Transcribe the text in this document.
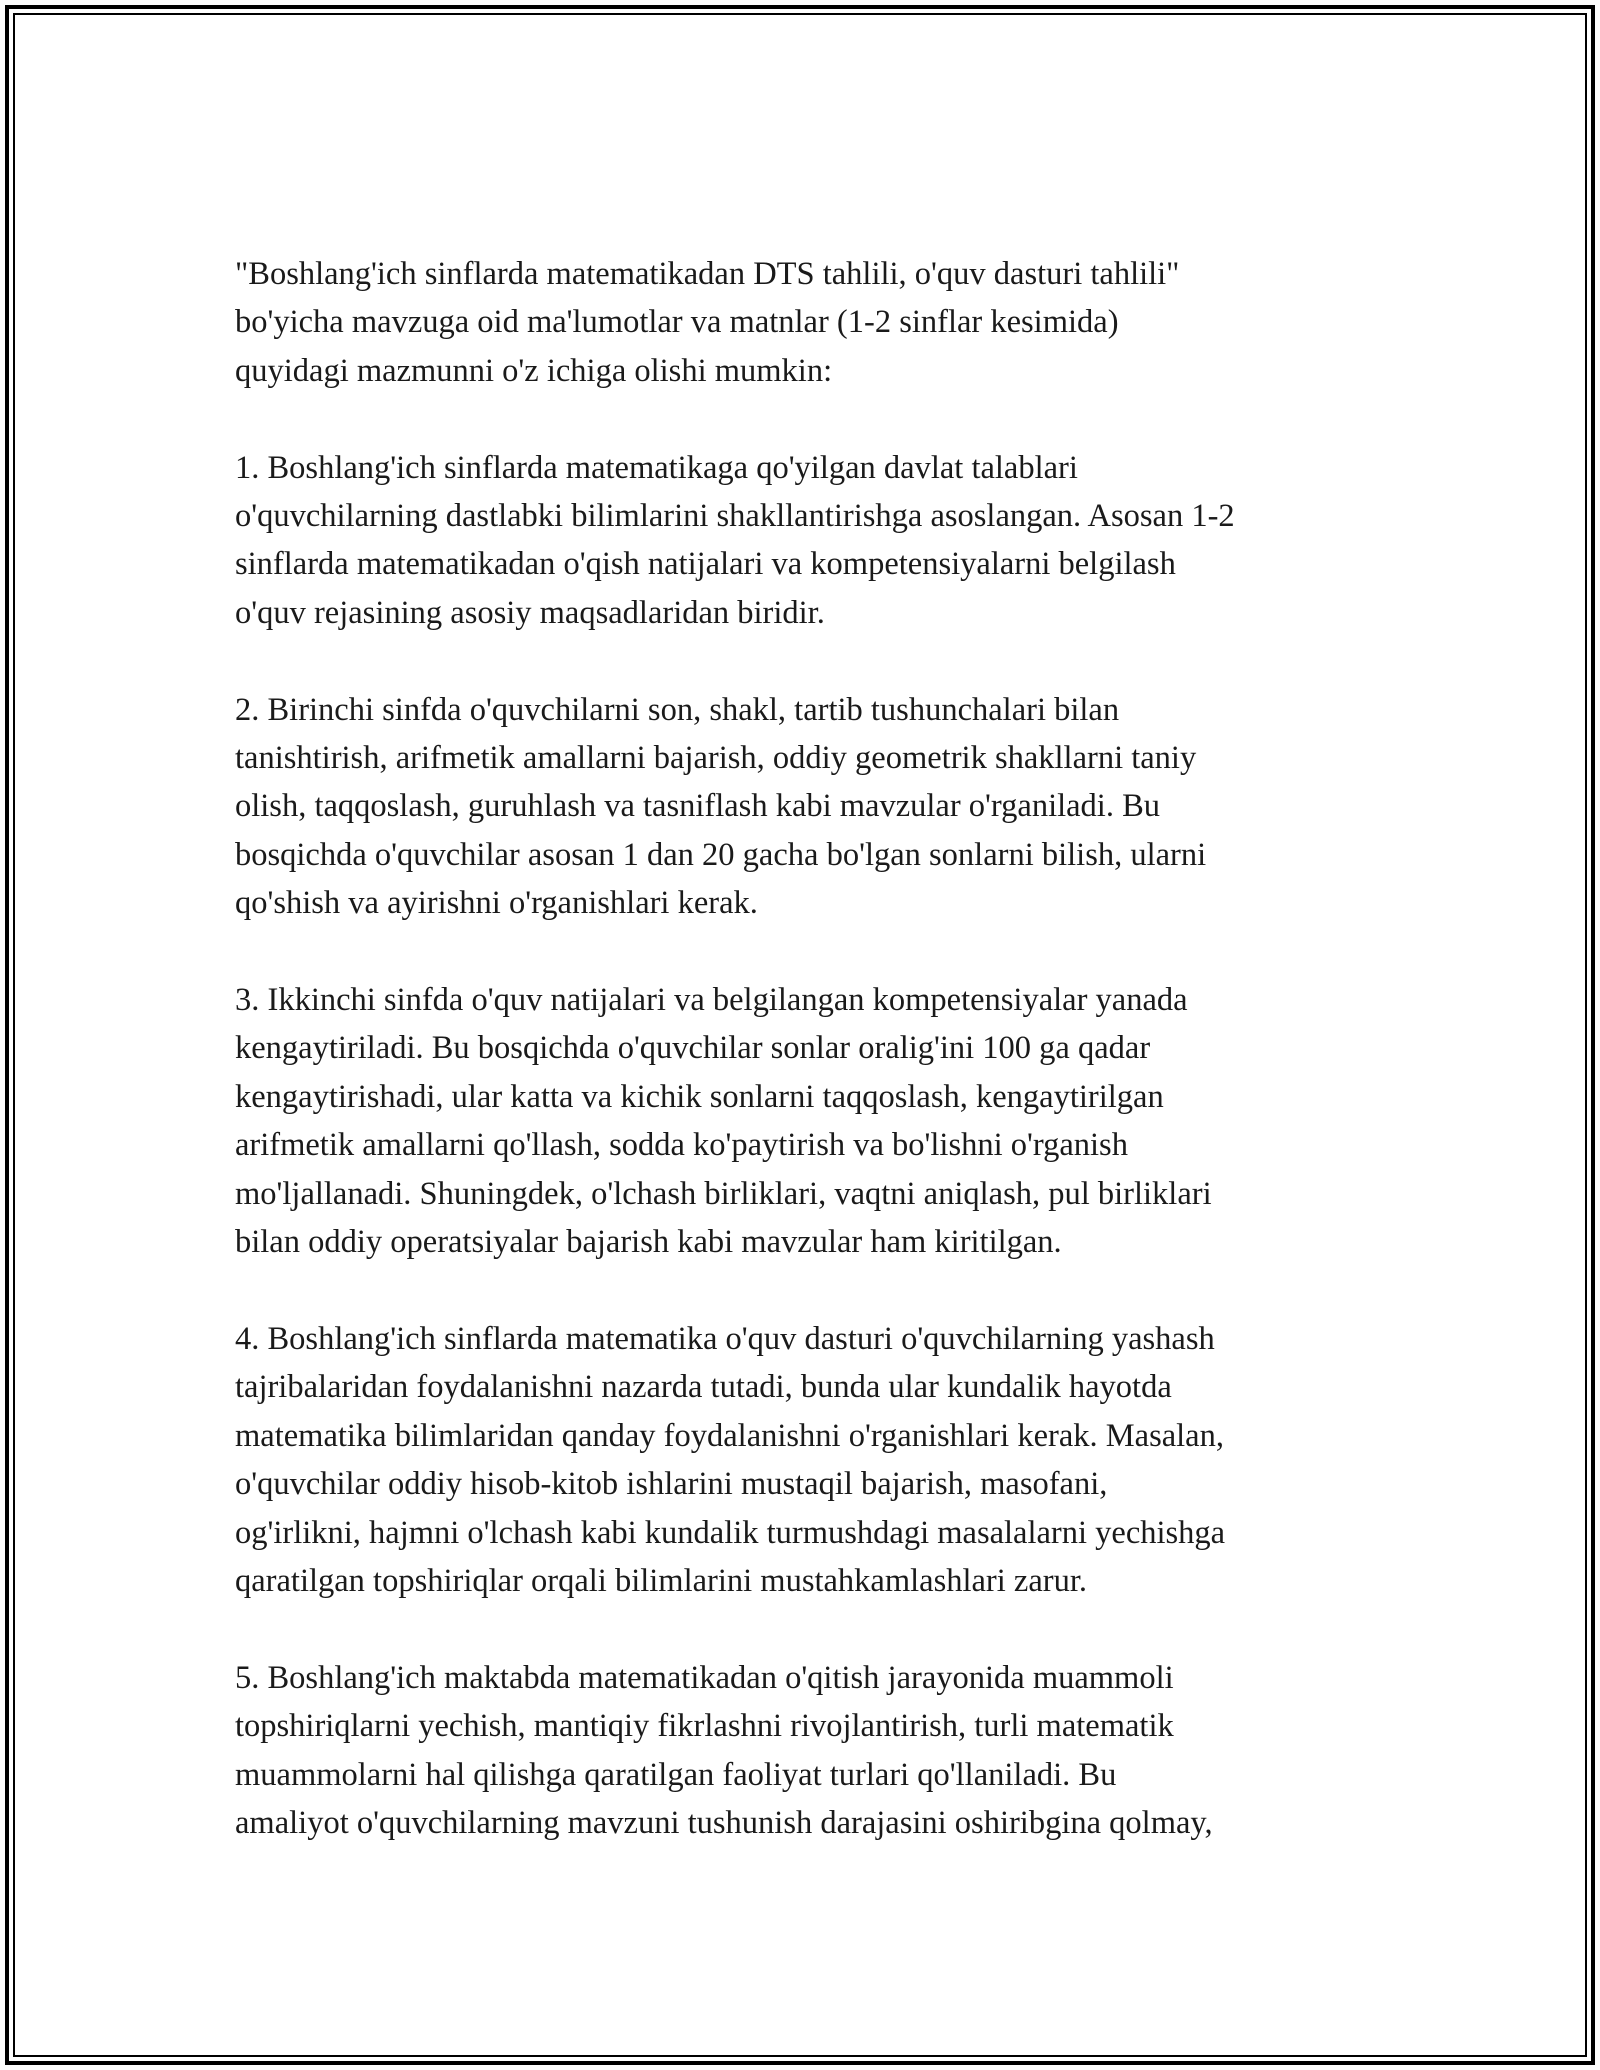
"Boshlang'ich sinflarda matematikadan DTS tahlili, o'quv dasturi tahlili"
bo'yicha mavzuga oid ma'lumotlar va matnlar (1-2 sinflar kesimida)
quyidagi mazmunni o'z ichiga olishi mumkin:
1. Boshlang'ich sinflarda matematikaga qo'yilgan davlat talablari
o'quvchilarning dastlabki bilimlarini shakllantirishga asoslangan. Asosan 1-2
sinflarda matematikadan o'qish natijalari va kompetensiyalarni belgilash
o'quv rejasining asosiy maqsadlaridan biridir.
2. Birinchi sinfda o'quvchilarni son, shakl, tartib tushunchalari bilan
tanishtirish, arifmetik amallarni bajarish, oddiy geometrik shakllarni taniy
olish, taqqoslash, guruhlash va tasniflash kabi mavzular o'rganiladi. Bu
bosqichda o'quvchilar asosan 1 dan 20 gacha bo'lgan sonlarni bilish, ularni
qo'shish va ayirishni o'rganishlari kerak.
3. Ikkinchi sinfda o'quv natijalari va belgilangan kompetensiyalar yanada
kengaytiriladi. Bu bosqichda o'quvchilar sonlar oralig'ini 100 ga qadar
kengaytirishadi, ular katta va kichik sonlarni taqqoslash, kengaytirilgan
arifmetik amallarni qo'llash, sodda ko'paytirish va bo'lishni o'rganish
mo'ljallanadi. Shuningdek, o'lchash birliklari, vaqtni aniqlash, pul birliklari
bilan oddiy operatsiyalar bajarish kabi mavzular ham kiritilgan.
4. Boshlang'ich sinflarda matematika o'quv dasturi o'quvchilarning yashash
tajribalaridan foydalanishni nazarda tutadi, bunda ular kundalik hayotda
matematika bilimlaridan qanday foydalanishni o'rganishlari kerak. Masalan,
o'quvchilar oddiy hisob-kitob ishlarini mustaqil bajarish, masofani,
og'irlikni, hajmni o'lchash kabi kundalik turmushdagi masalalarni yechishga
qaratilgan topshiriqlar orqali bilimlarini mustahkamlashlari zarur.
5. Boshlang'ich maktabda matematikadan o'qitish jarayonida muammoli
topshiriqlarni yechish, mantiqiy fikrlashni rivojlantirish, turli matematik
muammolarni hal qilishga qaratilgan faoliyat turlari qo'llaniladi. Bu
amaliyot o'quvchilarning mavzuni tushunish darajasini oshiribgina qolmay,
